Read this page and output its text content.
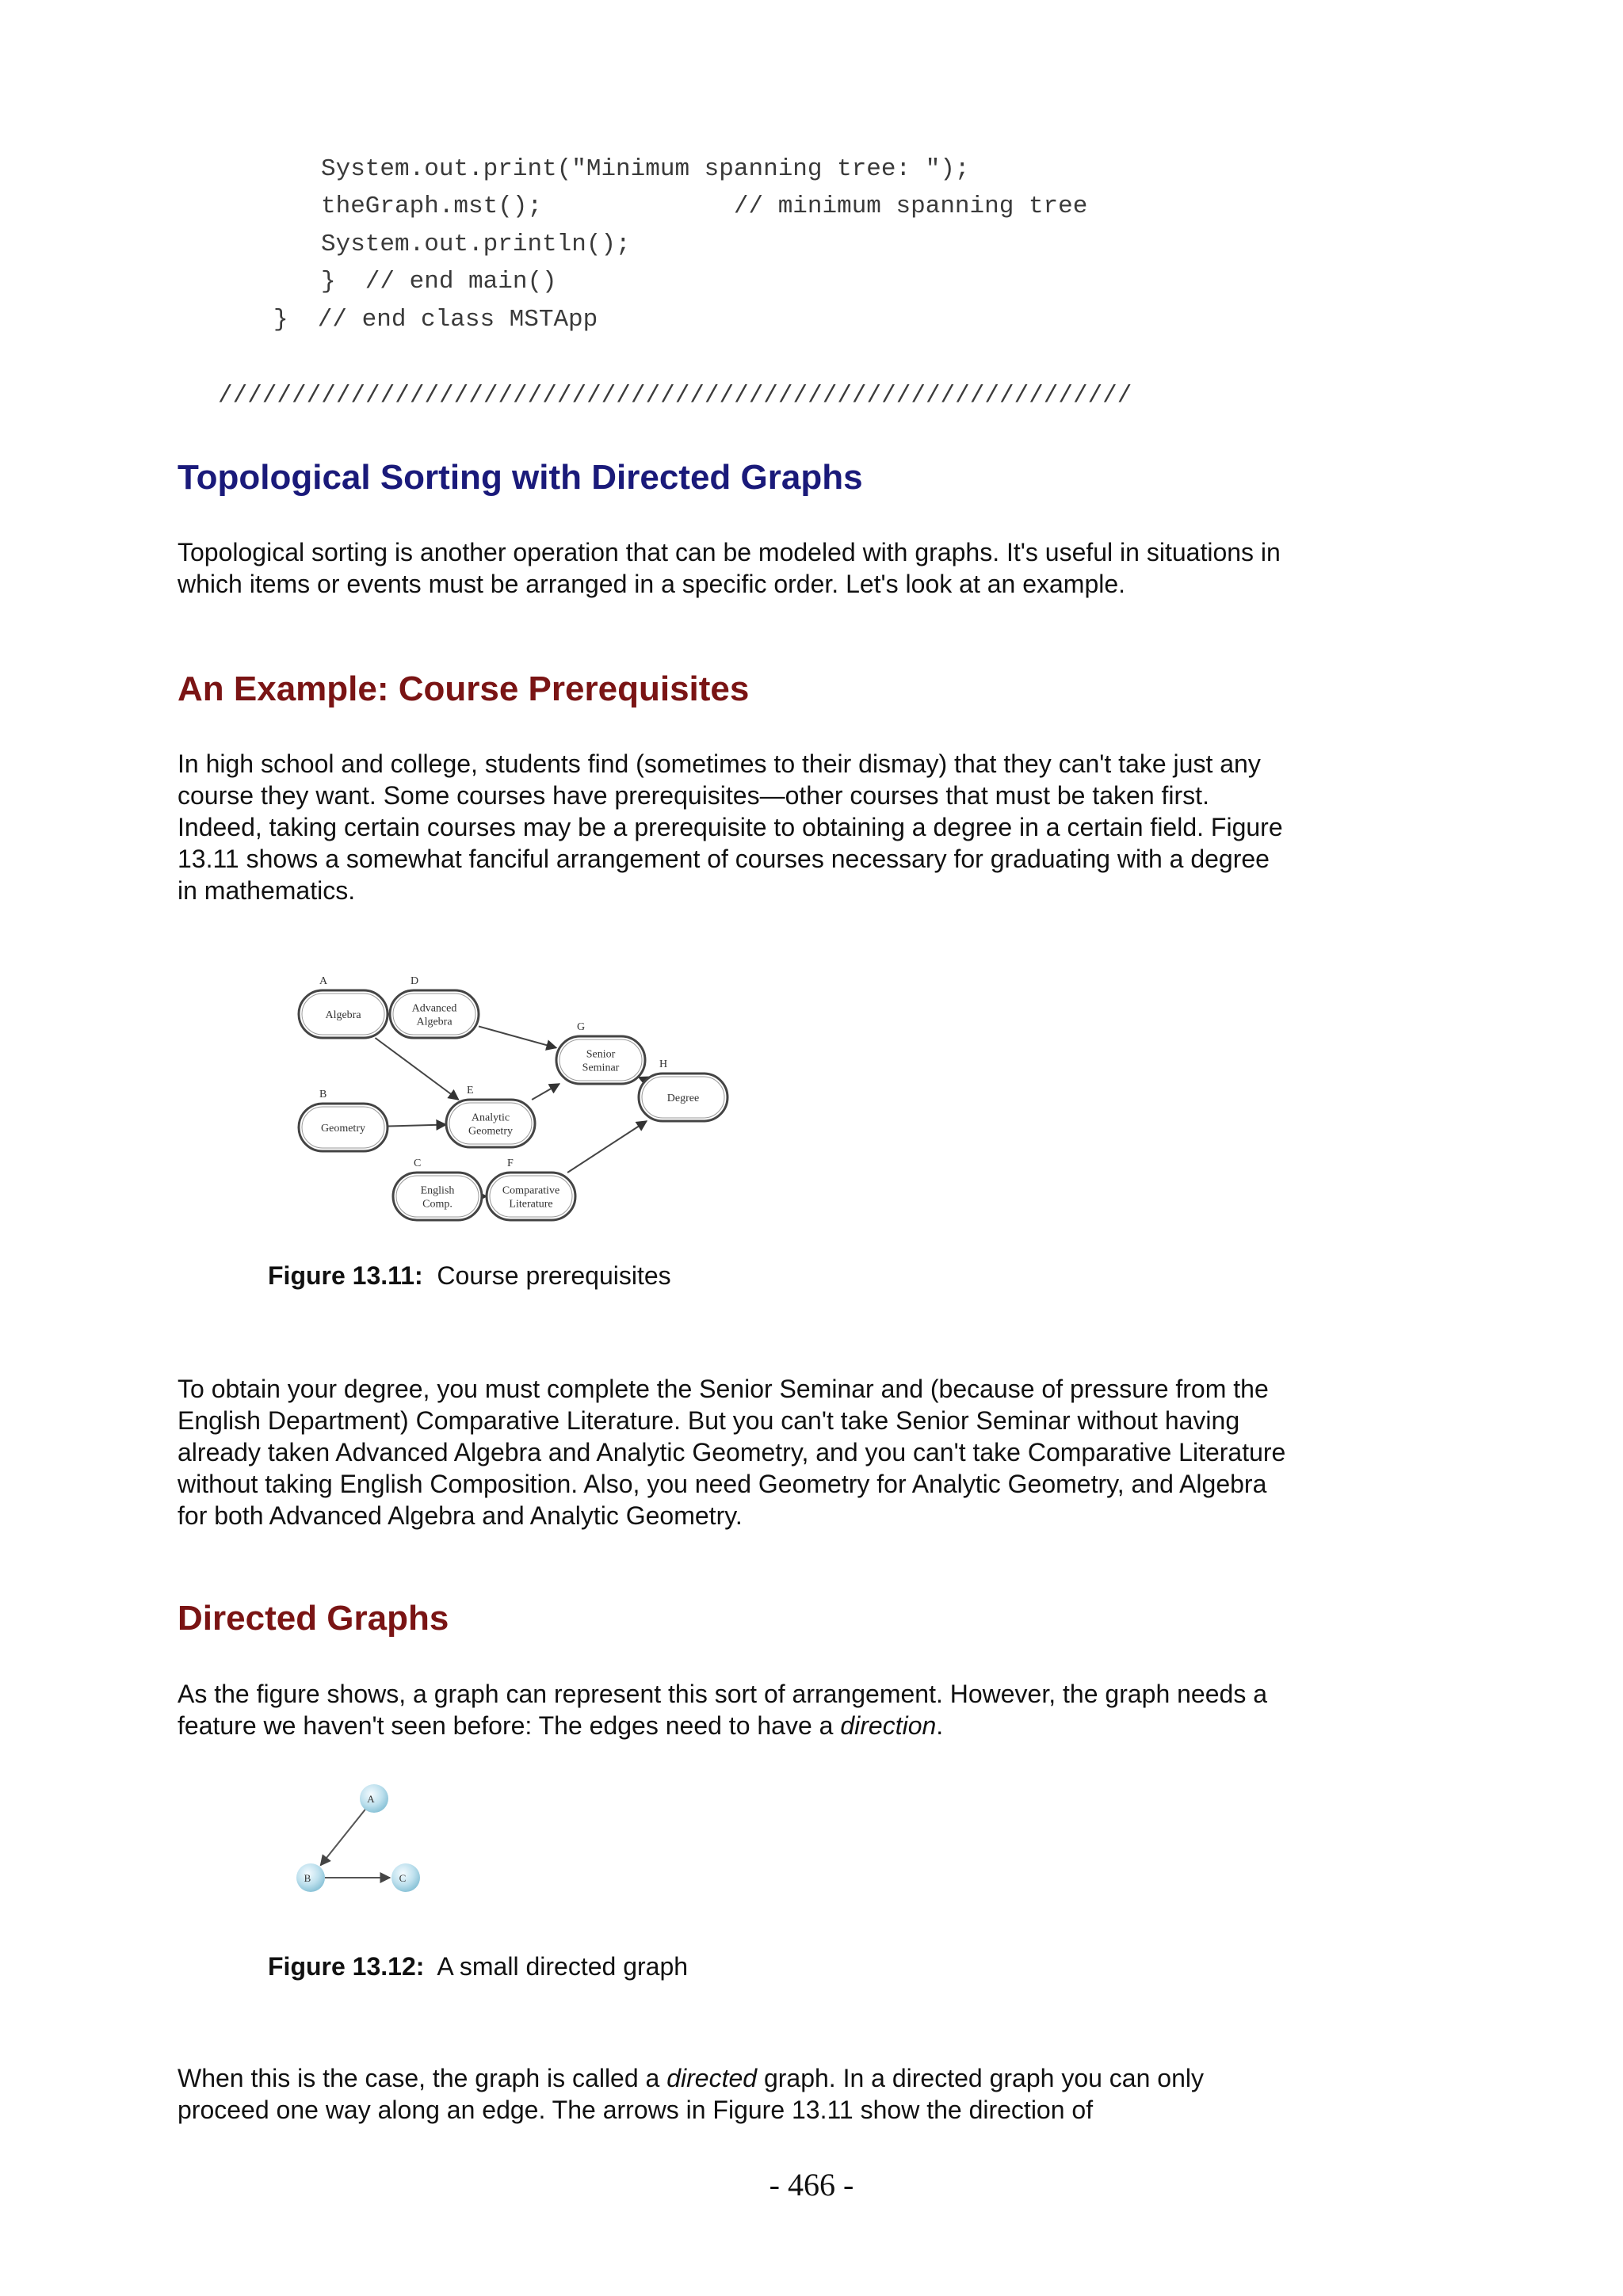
System.out.print("Minimum spanning tree: ");
theGraph.mst();             // minimum spanning tree
System.out.println();
}  // end main()
}  // end class MSTApp
//////////////////////////////////////////////////////////////
Topological Sorting with Directed Graphs

Topological sorting is another operation that can be modeled with graphs. It's useful in situations in which items or events must be arranged in a specific order. Let's look at an example.

An Example: Course Prerequisites

In high school and college, students find (sometimes to their dismay) that they can't take just any course they want. Some courses have prerequisites—other courses that must be taken first. Indeed, taking certain courses may be a prerequisite to obtaining a degree in a certain field. Figure 13.11 shows a somewhat fanciful arrangement of courses necessary for graduating with a degree in mathematics.

A
Algebra
D
Advanced
Algebra	G
Senior
Seminar
B
Geometry
E
Analytic
Geometry
H
Degree
C
English
Comp.
F
Comparative
Literature

Figure 13.11: Course prerequisites

To obtain your degree, you must complete the Senior Seminar and (because of pressure from the English Department) Comparative Literature. But you can't take Senior Seminar without having already taken Advanced Algebra and Analytic Geometry, and you can't take Comparative Literature without taking English Composition. Also, you need Geometry for Analytic Geometry, and Algebra for both Advanced Algebra and Analytic Geometry.

Directed Graphs

As the figure shows, a graph can represent this sort of arrangement. However, the graph needs a feature we haven't seen before: The edges need to have a direction.

A
B	C

Figure 13.12: A small directed graph

When this is the case, the graph is called a directed graph. In a directed graph you can only proceed one way along an edge. The arrows in Figure 13.11 show the direction of

- 466 -
